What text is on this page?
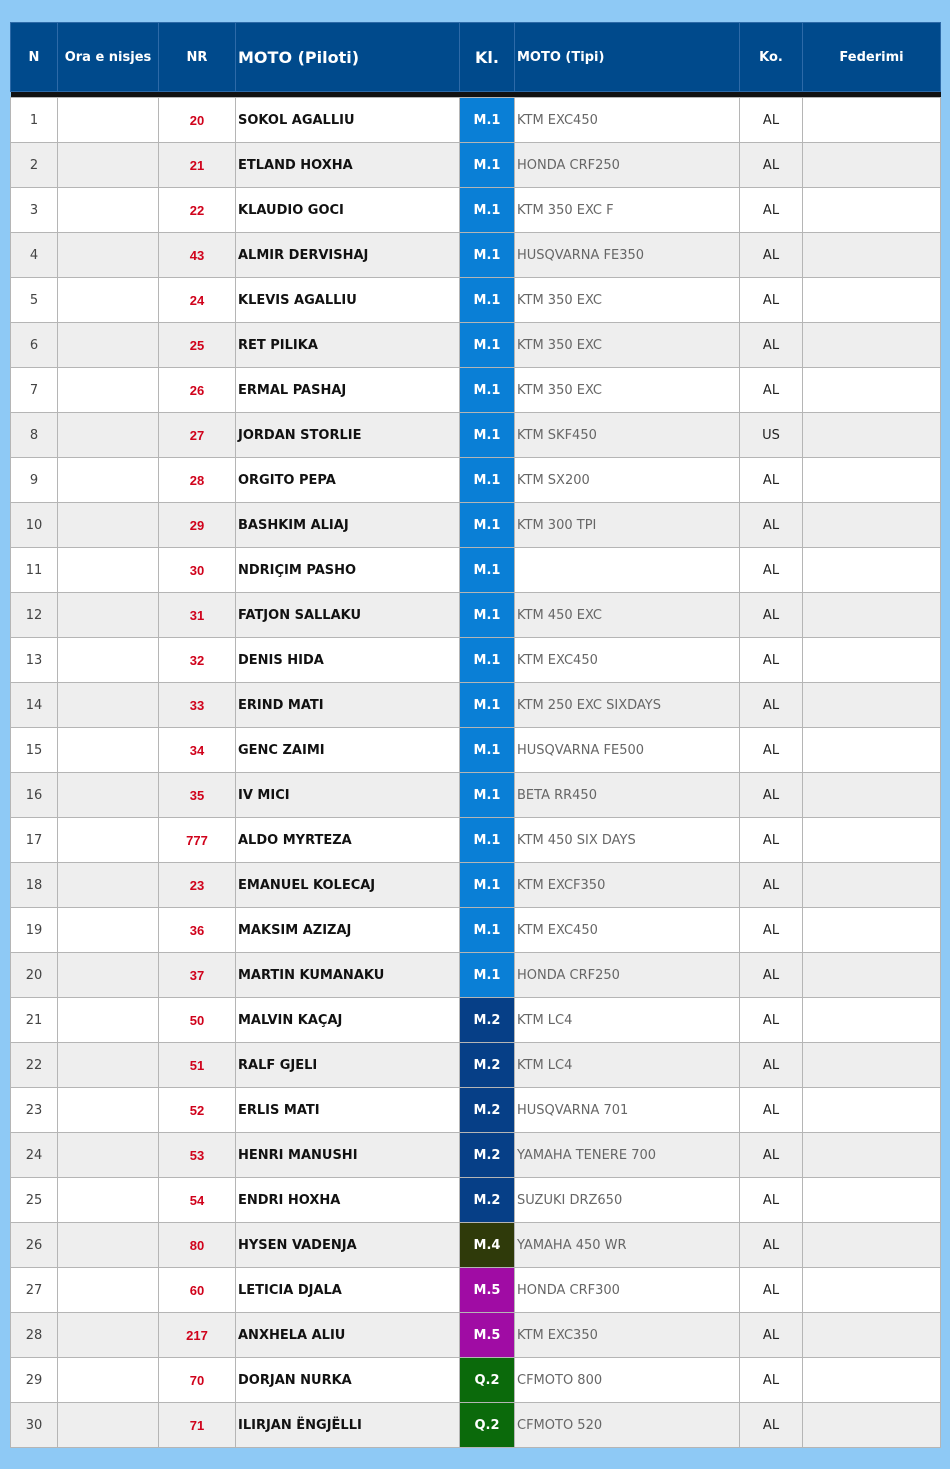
N	Ora e nisjes	NR	MOTO (Piloti)	Kl.	MOTO (Tipi)	Ko.	Federimi

1		20	SOKOL AGALLIU	M.1	KTM EXC450	AL	
2		21	ETLAND HOXHA	M.1	HONDA CRF250	AL	
3		22	KLAUDIO GOCI	M.1	KTM 350 EXC F	AL	
4		43	ALMIR DERVISHAJ	M.1	HUSQVARNA FE350	AL	
5		24	KLEVIS AGALLIU	M.1	KTM 350 EXC	AL	
6		25	RET PILIKA	M.1	KTM 350 EXC	AL	
7		26	ERMAL PASHAJ	M.1	KTM 350 EXC	AL	
8		27	JORDAN STORLIE	M.1	KTM SKF450	US	
9		28	ORGITO PEPA	M.1	KTM SX200	AL	
10		29	BASHKIM ALIAJ	M.1	KTM 300 TPI	AL	
11		30	NDRIÇIM PASHO	M.1		AL	
12		31	FATJON SALLAKU	M.1	KTM 450 EXC	AL	
13		32	DENIS HIDA	M.1	KTM EXC450	AL	
14		33	ERIND MATI	M.1	KTM 250 EXC SIXDAYS	AL	
15		34	GENC ZAIMI	M.1	HUSQVARNA FE500	AL	
16		35	IV MICI	M.1	BETA RR450	AL	
17		777	ALDO MYRTEZA	M.1	KTM 450 SIX DAYS	AL	
18		23	EMANUEL KOLECAJ	M.1	KTM EXCF350	AL	
19		36	MAKSIM AZIZAJ	M.1	KTM EXC450	AL	
20		37	MARTIN KUMANAKU	M.1	HONDA CRF250	AL	
21		50	MALVIN KAÇAJ	M.2	KTM LC4	AL	
22		51	RALF GJELI	M.2	KTM LC4	AL	
23		52	ERLIS MATI	M.2	HUSQVARNA 701	AL	
24		53	HENRI MANUSHI	M.2	YAMAHA TENERE 700	AL	
25		54	ENDRI HOXHA	M.2	SUZUKI DRZ650	AL	
26		80	HYSEN VADENJA	M.4	YAMAHA 450 WR	AL	
27		60	LETICIA DJALA	M.5	HONDA CRF300	AL	
28		217	ANXHELA ALIU	M.5	KTM EXC350	AL	
29		70	DORJAN NURKA	Q.2	CFMOTO 800	AL	
30		71	ILIRJAN ËNGJËLLI	Q.2	CFMOTO 520	AL	
